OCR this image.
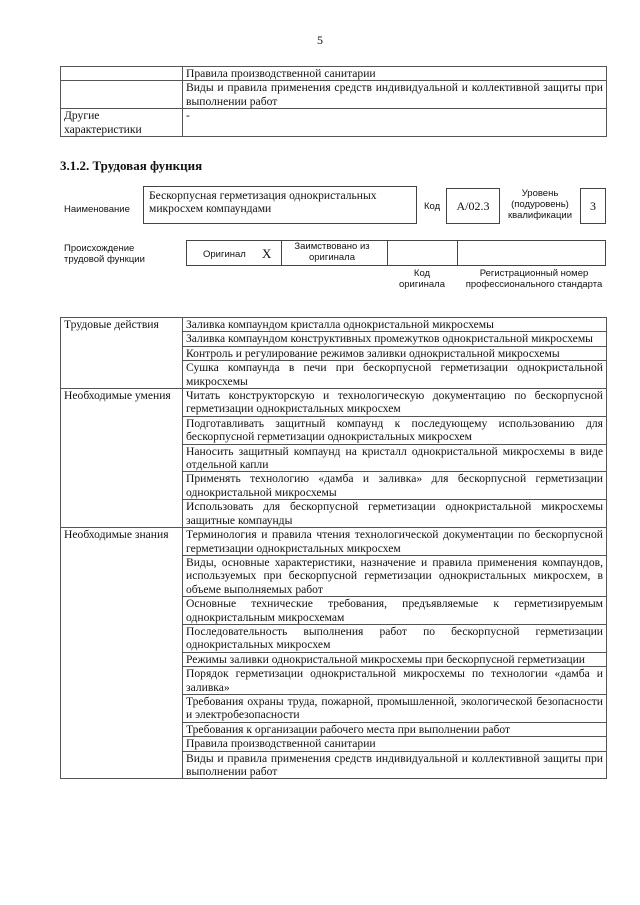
5
	Правила производственной санитарии
	Виды и правила применения средств индивидуальной и коллективной защиты при выполнении работ
Другие характеристики	-
3.1.2. Трудовая функция
Наименование
Бескорпусная герметизация однокристальных микросхем компаундами	Код	A/02.3
Уровень (подуровень) квалификации
3
Происхождение трудовой функции	Оригинал X	Заимствовано из оригинала
Код оригинала
Регистрационный номер профессионального стандарта
Трудовые действия	Заливка компаундом кристалла однокристальной микросхемы
	Заливка компаундом конструктивных промежутков однокристальной микросхемы
	Контроль и регулирование режимов заливки однокристальной микросхемы
	Сушка компаунда в печи при бескорпусной герметизации однокристальной микросхемы
Необходимые умения	Читать конструкторскую и технологическую документацию по бескорпусной герметизации однокристальных микросхем
	Подготавливать защитный компаунд к последующему использованию для бескорпусной герметизации однокристальных микросхем
	Наносить защитный компаунд на кристалл однокристальной микросхемы в виде отдельной капли
	Применять технологию «дамба и заливка» для бескорпусной герметизации однокристальной микросхемы
	Использовать для бескорпусной герметизации однокристальной микросхемы защитные компаунды
Необходимые знания	Терминология и правила чтения технологической документации по бескорпусной герметизации однокристальных микросхем
	Виды, основные характеристики, назначение и правила применения компаундов, используемых при бескорпусной герметизации однокристальных микросхем, в объеме выполняемых работ
	Основные технические требования, предъявляемые к герметизируемым однокристальным микросхемам
	Последовательность выполнения работ по бескорпусной герметизации однокристальных микросхем
	Режимы заливки однокристальной микросхемы при бескорпусной герметизации
	Порядок герметизации однокристальной микросхемы по технологии «дамба и заливка»
	Требования охраны труда, пожарной, промышленной, экологической безопасности и электробезопасности
	Требования к организации рабочего места при выполнении работ
	Правила производственной санитарии
	Виды и правила применения средств индивидуальной и коллективной защиты при выполнении работ
